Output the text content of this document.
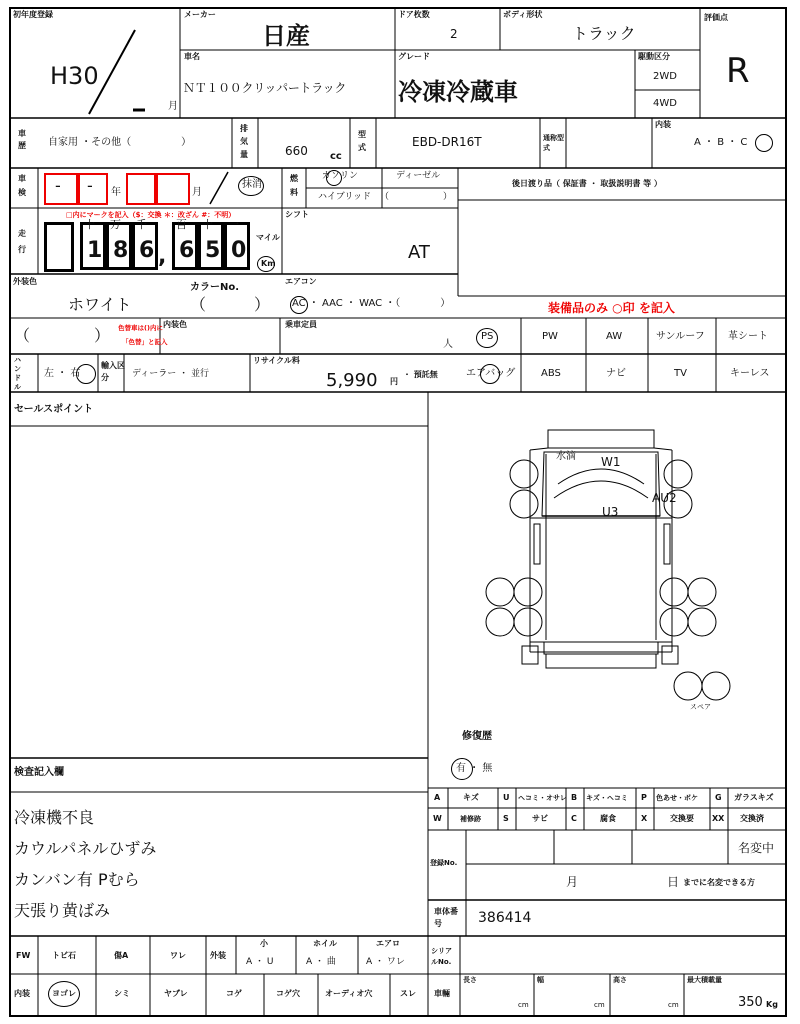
初年度登録
H30
月
メーカー
日産
ドア枚数
2
ボディ形状
トラック
評価点
R
車名
ＮＴ１００クリッパートラック
グレード
冷凍冷蔵車
駆動区分
2WD
4WD
車歴	自家用 ・その他（　　　　　）
排気量	660 cc
型式	EBD-DR16T	通称型式
内装
A ・ B ・ C
車検 - - 年	月
抹消
燃料
ガソリン	ディーゼル
ハイブリッド （　　　　　　）
後日渡り品（ 保証書 ・ 取扱説明書 等 ）
走行
□内にマークを記入（$：交換 ＊：改ざん #：不明）
十 万 千	百 十 一
1 8 6 , 6 5 0
マイル
Km
シフト
AT
外装色
ホワイト
カラーNo.
（　　　）
（　　　　） 色替車は()内に
「色替」と記入
内装色
エアコン
AC ・ AAC ・ WAC ・（　　　　）
乗車定員
人
装備品のみ ○印 を記入
PS	PW	AW	サンルーフ 革シート
エアバッグ	ABS	ナビ	TV	キーレス
ハンドル
左 ・ 右
輸入区分	ディーラー ・ 並行
リサイクル料
5,990 円
・ 預託無
セールスポイント
水滴 W1
AU2
U3
スペア
修復歴
有 ・ 無
A	キズ	U ヘコミ・オサレ B キズ・ヘコミ P 色あせ・ボケ G ガラスキズ
W	補修跡	S	サビ	C	腐食	X	交換要 XX 交換済
登録No.
名変中
月	日 までに名変できる方
検査記入欄
冷凍機不良
カウルパネルひずみ
カンバン有 Pむら
天張り黄ばみ	車体番号	386414
FW	トビ石	傷A	ワレ	外装
小
A ・ U
ホイル
A ・ 曲
エアロ
A ・ ワレ
シリアルNo.
内装	ヨゴレ	シミ	ヤブレ	コゲ	コゲ穴	オーディオ穴	スレ 車輛
長さ
cm
幅
cm
高さ
cm
最大積載量
350 Kg
